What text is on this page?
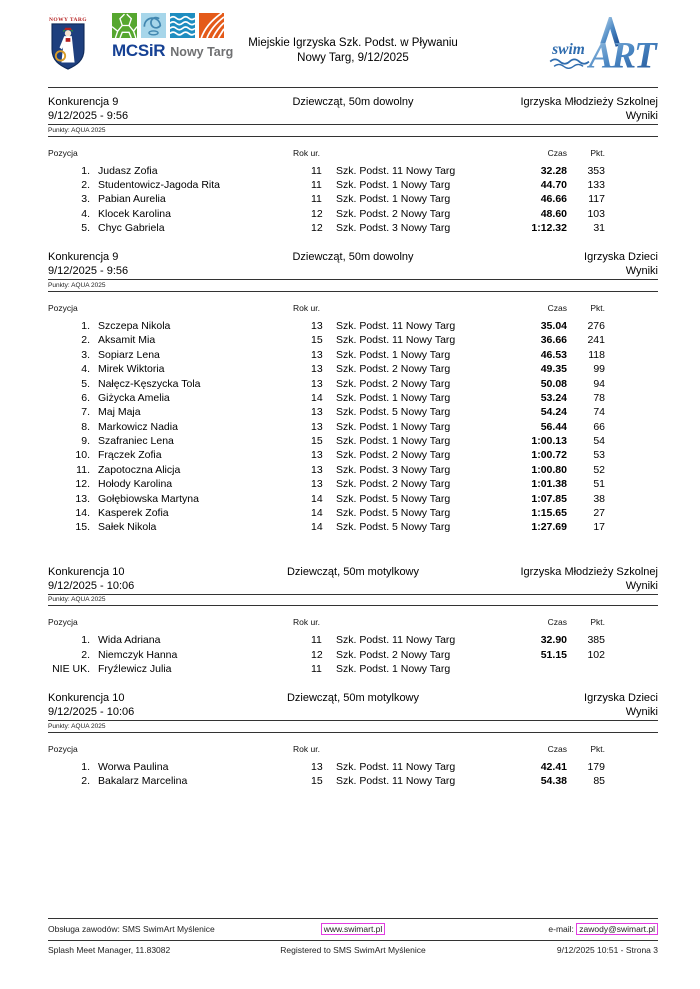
· · · · · ·
NOWY TARG
MCSiR Nowy Targ
Miejskie Igrzyska Szk. Podst. w Pływaniu
Nowy Targ, 9/12/2025	ART
swim
Konkurencja 9
9/12/2025 - 9:56
Dziewcząt, 50m dowolny	Igrzyska Młodzieży Szkolnej
Wyniki
Punkty: AQUA 2025
Pozycja	Rok ur.	Czas	Pkt.
1. Judasz Zofia	11	Szk. Podst. 11 Nowy Targ	32.28	353
2. Studentowicz-Jagoda Rita	11	Szk. Podst. 1 Nowy Targ	44.70	133
3. Pabian Aurelia	11	Szk. Podst. 1 Nowy Targ	46.66	117
4. Klocek Karolina	12	Szk. Podst. 2 Nowy Targ	48.60	103
5. Chyc Gabriela	12	Szk. Podst. 3 Nowy Targ	1:12.32	31
Konkurencja 9
9/12/2025 - 9:56
Dziewcząt, 50m dowolny	Igrzyska Dzieci
Wyniki
Punkty: AQUA 2025
Pozycja	Rok ur.	Czas	Pkt.
1. Szczepa Nikola	13	Szk. Podst. 11 Nowy Targ	35.04	276
2. Aksamit Mia	15	Szk. Podst. 11 Nowy Targ	36.66	241
3. Sopiarz Lena	13	Szk. Podst. 1 Nowy Targ	46.53	118
4. Mirek Wiktoria	13	Szk. Podst. 2 Nowy Targ	49.35	99
5. Nałęcz-Kęszycka Tola	13	Szk. Podst. 2 Nowy Targ	50.08	94
6. Giżycka Amelia	14	Szk. Podst. 1 Nowy Targ	53.24	78
7. Maj Maja	13	Szk. Podst. 5 Nowy Targ	54.24	74
8. Markowicz Nadia	13	Szk. Podst. 1 Nowy Targ	56.44	66
9. Szafraniec Lena	15	Szk. Podst. 1 Nowy Targ	1:00.13	54
10. Frączek Zofia	13	Szk. Podst. 2 Nowy Targ	1:00.72	53
11. Zapotoczna Alicja	13	Szk. Podst. 3 Nowy Targ	1:00.80	52
12. Hołody Karolina	13	Szk. Podst. 2 Nowy Targ	1:01.38	51
13. Gołębiowska Martyna	14	Szk. Podst. 5 Nowy Targ	1:07.85	38
14. Kasperek Zofia	14	Szk. Podst. 5 Nowy Targ	1:15.65	27
15. Sałek Nikola	14	Szk. Podst. 5 Nowy Targ	1:27.69	17
Konkurencja 10
9/12/2025 - 10:06
Dziewcząt, 50m motylkowy	Igrzyska Młodzieży Szkolnej
Wyniki
Punkty: AQUA 2025
Pozycja	Rok ur.	Czas	Pkt.
1. Wida Adriana	11	Szk. Podst. 11 Nowy Targ	32.90	385
2. Niemczyk Hanna	12	Szk. Podst. 2 Nowy Targ	51.15	102
NIE UK. Fryźlewicz Julia	11	Szk. Podst. 1 Nowy Targ
Konkurencja 10
9/12/2025 - 10:06
Dziewcząt, 50m motylkowy	Igrzyska Dzieci
Wyniki
Punkty: AQUA 2025
Pozycja	Rok ur.	Czas	Pkt.
1. Worwa Paulina	13	Szk. Podst. 11 Nowy Targ	42.41	179
2. Bakalarz Marcelina	15	Szk. Podst. 11 Nowy Targ	54.38	85
Obsługa zawodów: SMS SwimArt Myślenice	www.swimart.pl	e-mail: zawody@swimart.pl
Splash Meet Manager, 11.83082	Registered to SMS SwimArt Myślenice	9/12/2025 10:51 - Strona 3
